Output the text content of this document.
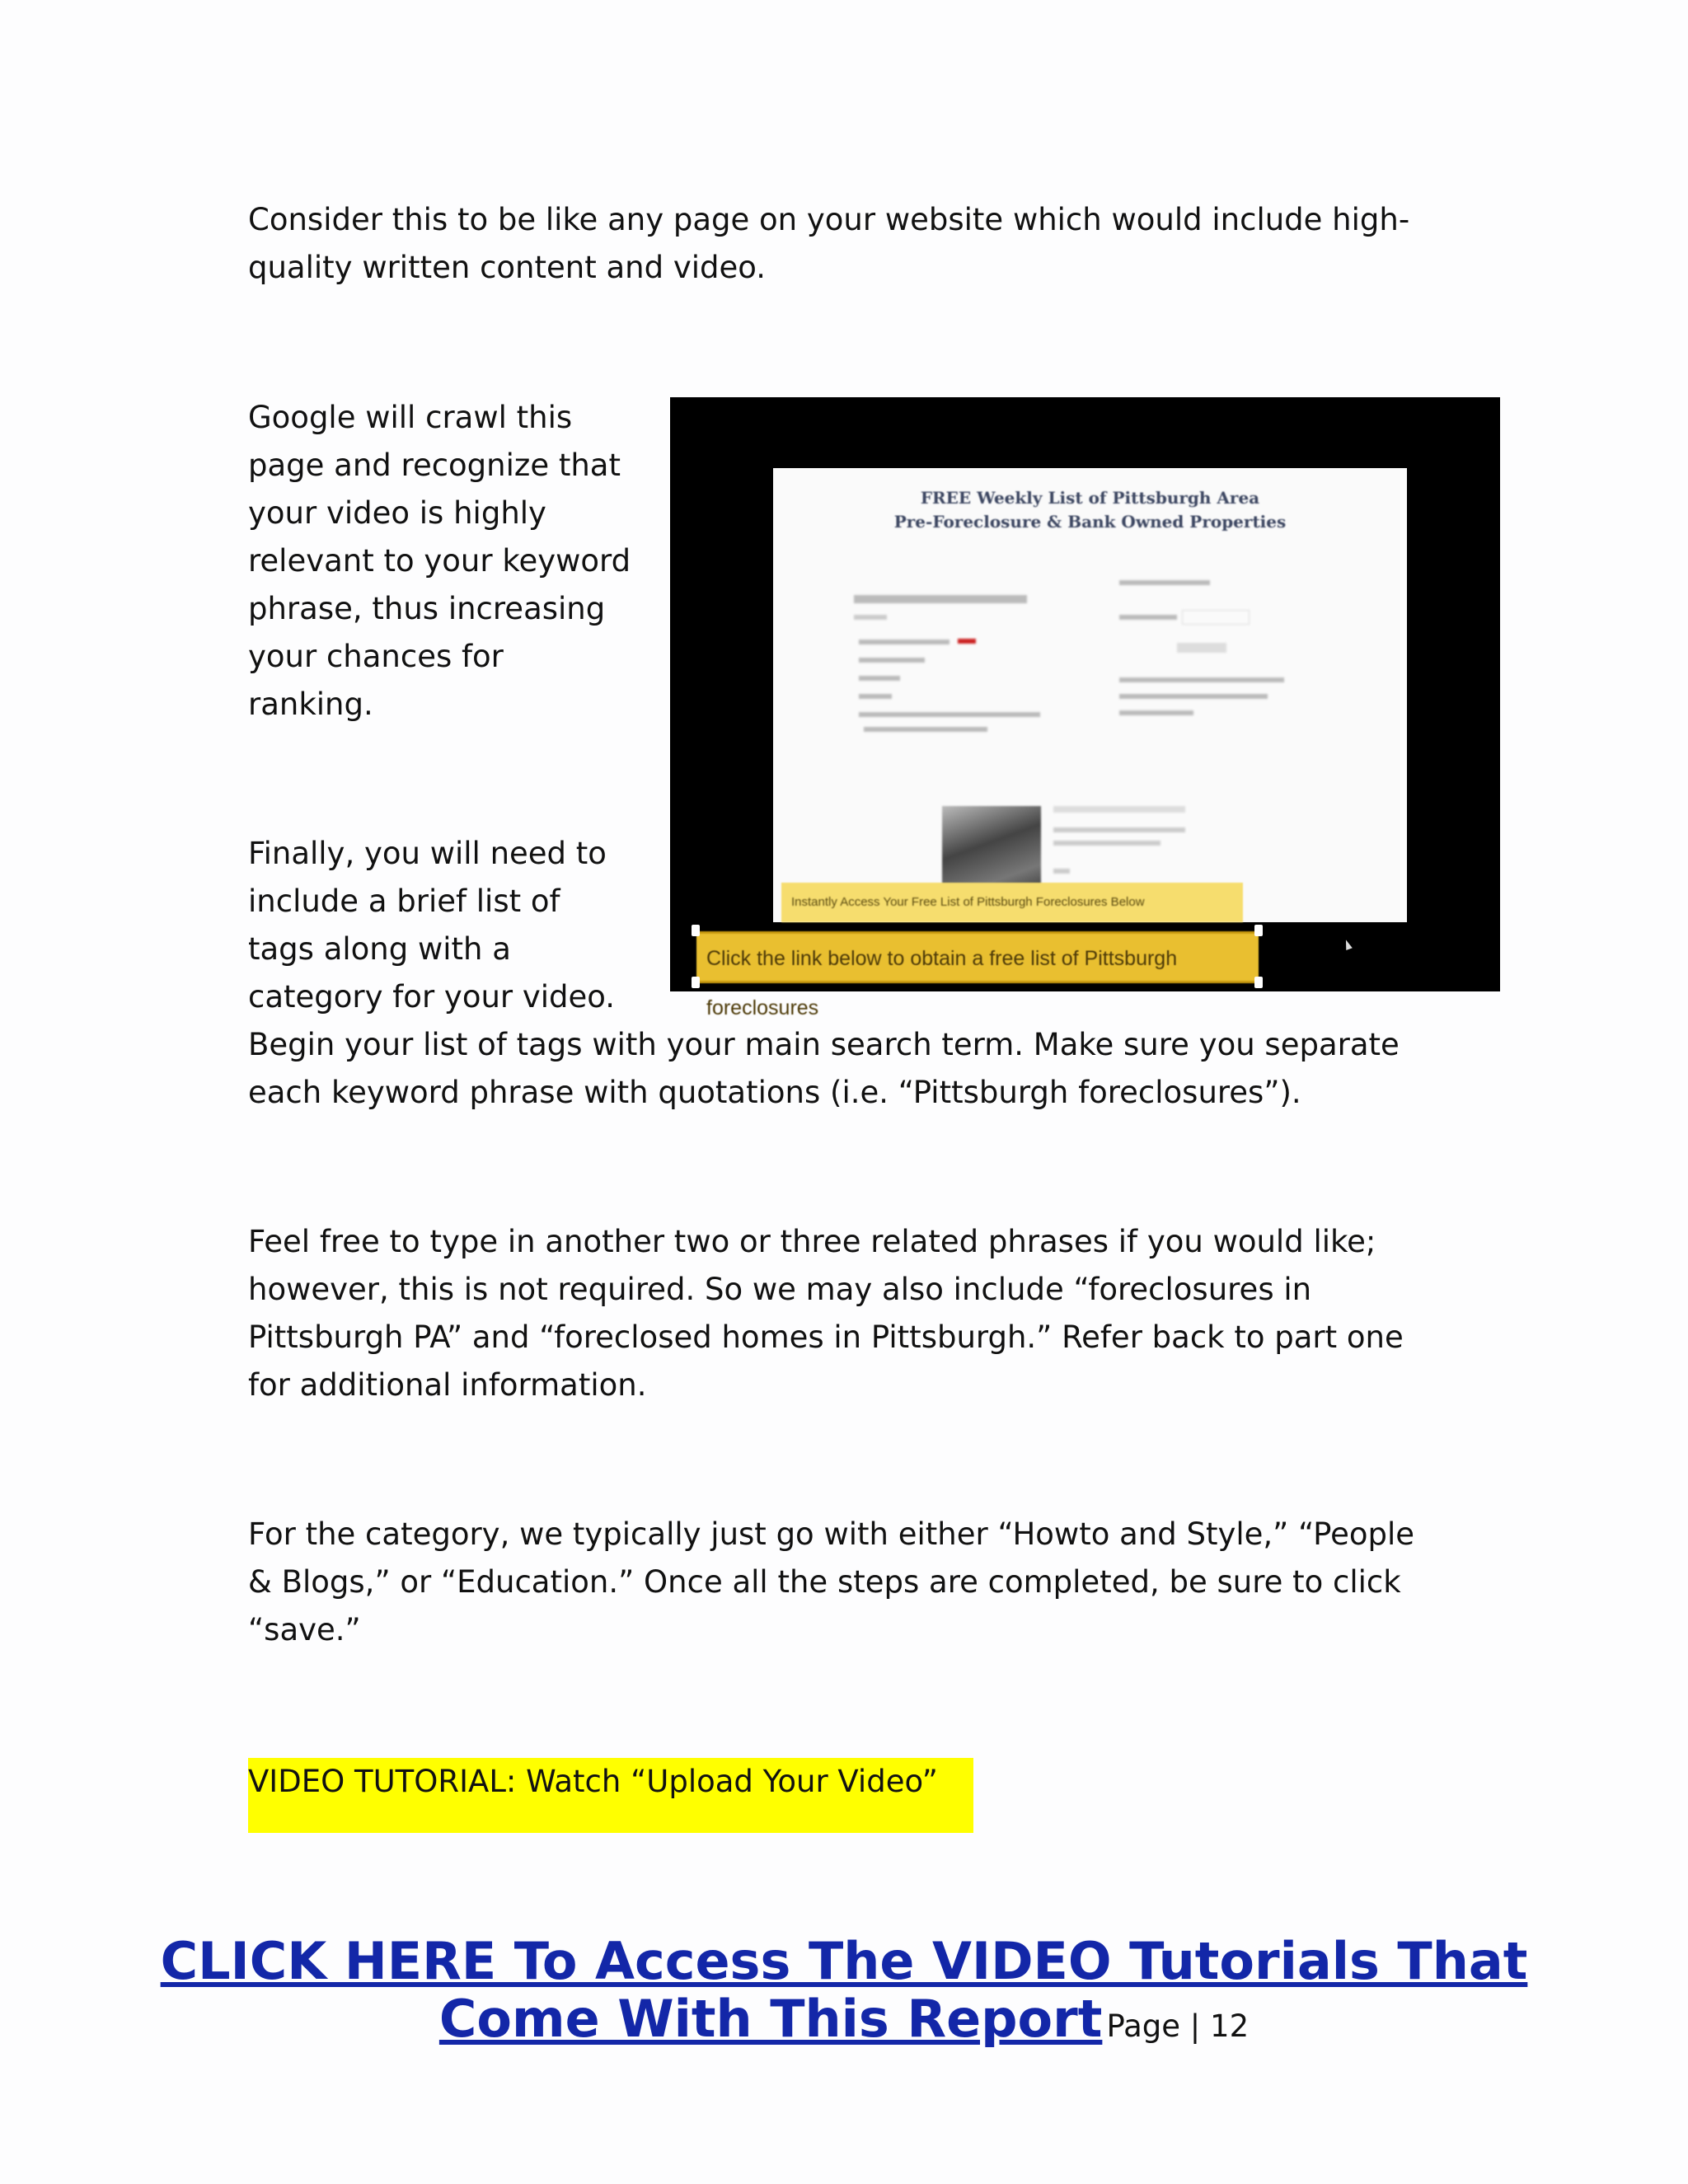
Consider this to be like any page on your website which would include high-
quality written content and video.
Google will crawl this
page and recognize that
your video is highly
relevant to your keyword
phrase, thus increasing
your chances for
ranking.
Finally, you will need to
include a brief list of
tags along with a
category for your video.
Begin your list of tags with your main search term. Make sure you separate
each keyword phrase with quotations (i.e. “Pittsburgh foreclosures”).
Feel free to type in another two or three related phrases if you would like;
however, this is not required. So we may also include “foreclosures in
Pittsburgh PA” and “foreclosed homes in Pittsburgh.” Refer back to part one
for additional information.
For the category, we typically just go with either “Howto and Style,” “People
& Blogs,” or “Education.” Once all the steps are completed, be sure to click
“save.”
FREE Weekly List of Pittsburgh Area
Pre-Foreclosure & Bank Owned Properties
Instantly Access Your Free List of Pittsburgh Foreclosures Below
Click the link below to obtain a free list of Pittsburgh foreclosures
VIDEO TUTORIAL: Watch “Upload Your Video”
CLICK HERE To Access The VIDEO Tutorials That
Come With This Report Page | 12
